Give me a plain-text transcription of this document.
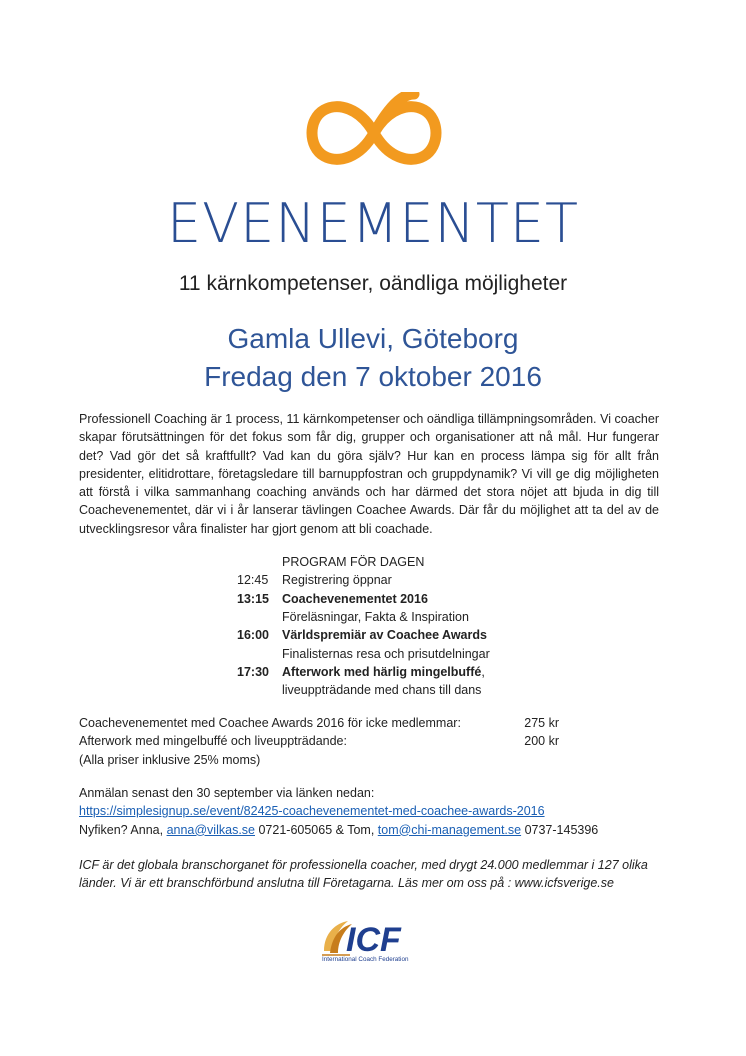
EVENEMENTET
11 kärnkompetenser, oändliga möjligheter
Gamla Ullevi, Göteborg
Fredag den 7 oktober 2016
Professionell Coaching är 1 process, 11 kärnkompetenser och oändliga tillämpningsområden. Vi coacher skapar förutsättningen för det fokus som får dig, grupper och organisationer att nå mål. Hur fungerar det? Vad gör det så kraftfullt? Vad kan du göra själv? Hur kan en process lämpa sig för allt från presidenter, elitidrottare, företagsledare till barnuppfostran och gruppdynamik? Vi vill ge dig möjligheten att förstå i vilka sammanhang coaching används och har därmed det stora nöjet att bjuda in dig till Coachevenementet, där vi i år lanserar tävlingen Coachee Awards. Där får du möjlighet att ta del av de utvecklingsresor våra finalister har gjort genom att bli coachade.
PROGRAM FÖR DAGEN
12:45	Registrering öppnar
13:15	Coachevenementet 2016
Föreläsningar, Fakta & Inspiration
16:00	Världspremiär av Coachee Awards
Finalisternas resa och prisutdelningar
17:30	Afterwork med härlig mingelbuffé,
liveuppträdande med chans till dans
Coachevenementet med Coachee Awards 2016 för icke medlemmar:	275 kr
Afterwork med mingelbuffé och liveuppträdande:	200 kr
(Alla priser inklusive 25% moms)
Anmälan senast den 30 september via länken nedan:
https://simplesignup.se/event/82425-coachevenementet-med-coachee-awards-2016
Nyfiken? Anna, anna@vilkas.se 0721-605065 & Tom, tom@chi-management.se 0737-145396
ICF är det globala branschorganet för professionella coacher, med drygt 24.000 medlemmar i 127 olika länder. Vi är ett branschförbund anslutna till Företagarna. Läs mer om oss på : www.icfsverige.se
ICF
International Coach Federation
